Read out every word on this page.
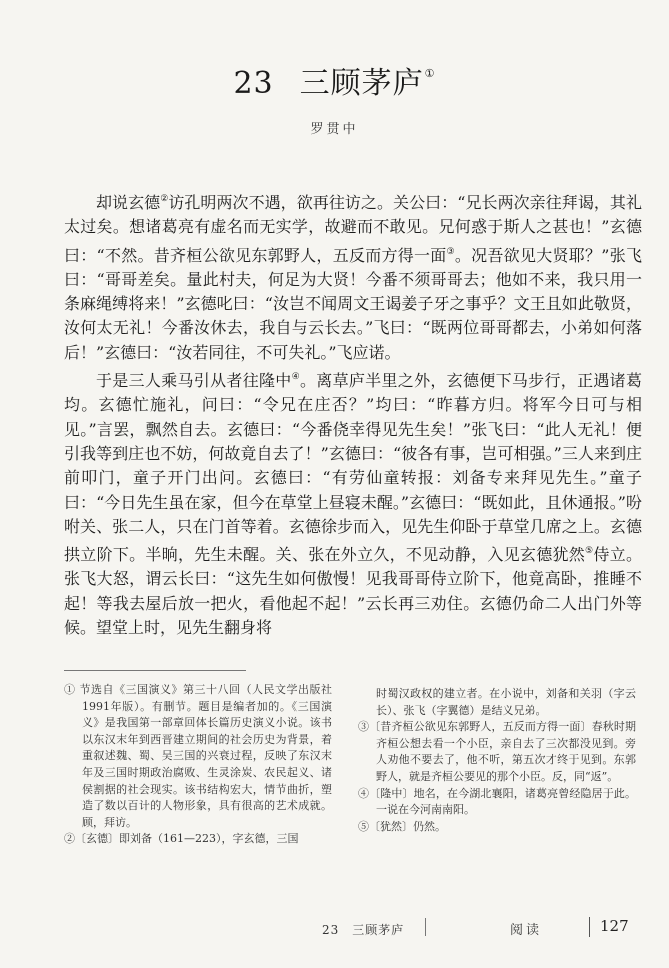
23 三顾茅庐①
罗贯中

却说玄德②访孔明两次不遇，欲再往访之。关公曰：“兄长两次亲往拜谒，其礼太过矣。想诸葛亮有虚名而无实学，故避而不敢见。兄何惑于斯人之甚也！”玄德曰：“不然。昔齐桓公欲见东郭野人，五反而方得一面③。况吾欲见大贤耶？”张飞曰：“哥哥差矣。量此村夫，何足为大贤！今番不须哥哥去；他如不来，我只用一条麻绳缚将来！”玄德叱曰：“汝岂不闻周文王谒姜子牙之事乎？文王且如此敬贤，汝何太无礼！今番汝休去，我自与云长去。”飞曰：“既两位哥哥都去，小弟如何落后！”玄德曰：“汝若同往，不可失礼。”飞应诺。

于是三人乘马引从者往隆中④。离草庐半里之外，玄德便下马步行，正遇诸葛均。玄德忙施礼，问曰：“令兄在庄否？”均曰：“昨暮方归。将军今日可与相见。”言罢，飘然自去。玄德曰：“今番侥幸得见先生矣！”张飞曰：“此人无礼！便引我等到庄也不妨，何故竟自去了！”玄德曰：“彼各有事，岂可相强。”三人来到庄前叩门，童子开门出问。玄德曰：“有劳仙童转报：刘备专来拜见先生。”童子曰：“今日先生虽在家，但今在草堂上昼寝未醒。”玄德曰：“既如此，且休通报。”吩咐关、张二人，只在门首等着。玄德徐步而入，见先生仰卧于草堂几席之上。玄德拱立阶下。半晌，先生未醒。关、张在外立久，不见动静，入见玄德犹然⑤侍立。张飞大怒，谓云长曰：“这先生如何傲慢！见我哥哥侍立阶下，他竟高卧，推睡不起！等我去屋后放一把火，看他起不起！”云长再三劝住。玄德仍命二人出门外等候。望堂上时，见先生翻身将

① 节选自《三国演义》第三十八回（人民文学出版社1991年版）。有删节。题目是编者加的。《三国演义》是我国第一部章回体长篇历史演义小说。该书以东汉末年到西晋建立期间的社会历史为背景，着重叙述魏、蜀、吴三国的兴衰过程，反映了东汉末年及三国时期政治腐败、生灵涂炭、农民起义、诸侯割据的社会现实。该书结构宏大，情节曲折，塑造了数以百计的人物形象，具有很高的艺术成就。顾，拜访。

②〔玄德〕即刘备（161—223），字玄德，三国

时蜀汉政权的建立者。在小说中，刘备和关羽（字云长）、张飞（字翼德）是结义兄弟。

③〔昔齐桓公欲见东郭野人，五反而方得一面〕春秋时期齐桓公想去看一个小臣，亲自去了三次都没见到。旁人劝他不要去了，他不听，第五次才终于见到。东郭野人，就是齐桓公要见的那个小臣。反，同“返”。

④〔隆中〕地名，在今湖北襄阳，诸葛亮曾经隐居于此。一说在今河南南阳。

⑤〔犹然〕仍然。

23　三顾茅庐	阅读	127
